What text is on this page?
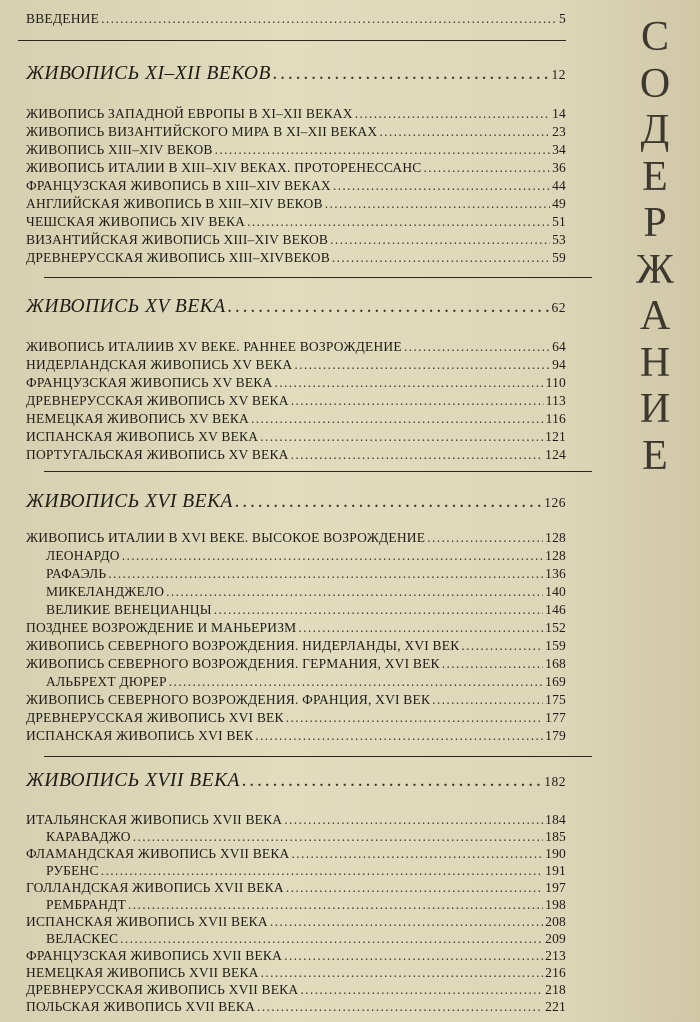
ВВЕДЕНИЕ . . .	5
ЖИВОПИСЬ XI–XII ВЕКОВ . . .	12
ЖИВОПИСЬ ЗАПАДНОЙ ЕВРОПЫ В XI–XII ВЕКАХ . . .	14
ЖИВОПИСЬ ВИЗАНТИЙСКОГО МИРА В XI–XII ВЕКАХ . . .	23
ЖИВОПИСЬ XIII–XIV ВЕКОВ . . .	34
ЖИВОПИСЬ ИТАЛИИ В XIII–XIV ВЕКАХ. ПРОТОРЕНЕССАНС . . .	36
ФРАНЦУЗСКАЯ ЖИВОПИСЬ В XIII–XIV ВЕКАХ . . .	44
АНГЛИЙСКАЯ ЖИВОПИСЬ В XIII–XIV ВЕКОВ . . .	49
ЧЕШСКАЯ ЖИВОПИСЬ XIV ВЕКА . . .	51
ВИЗАНТИЙСКАЯ ЖИВОПИСЬ XIII–XIV ВЕКОВ . . .	53
ДРЕВНЕРУССКАЯ ЖИВОПИСЬ XIII–XIVВЕКОВ . . .	59
ЖИВОПИСЬ XV ВЕКА . . .	62
ЖИВОПИСЬ ИТАЛИИВ XV ВЕКЕ. РАННЕЕ ВОЗРОЖДЕНИЕ . . .	64
НИДЕРЛАНДСКАЯ ЖИВОПИСЬ XV ВЕКА . . .	94
ФРАНЦУЗСКАЯ ЖИВОПИСЬ XV ВЕКА . . .	110
ДРЕВНЕРУССКАЯ ЖИВОПИСЬ XV ВЕКА . . .	113
НЕМЕЦКАЯ ЖИВОПИСЬ XV ВЕКА . . .	116
ИСПАНСКАЯ ЖИВОПИСЬ XV ВЕКА . . .	121
ПОРТУГАЛЬСКАЯ ЖИВОПИСЬ XV ВЕКА . . .	124
ЖИВОПИСЬ XVI ВЕКА . . .	126
ЖИВОПИСЬ ИТАЛИИ В XVI ВЕКЕ. ВЫСОКОЕ ВОЗРОЖДЕНИЕ . . .	128
ЛЕОНАРДО . . .	128
РАФАЭЛЬ . . .	136
МИКЕЛАНДЖЕЛО . . .	140
ВЕЛИКИЕ ВЕНЕЦИАНЦЫ . . .	146
ПОЗДНЕЕ ВОЗРОЖДЕНИЕ И МАНЬЕРИЗМ . . .	152
ЖИВОПИСЬ СЕВЕРНОГО ВОЗРОЖДЕНИЯ. НИДЕРЛАНДЫ, XVI ВЕК . . .	159
ЖИВОПИСЬ СЕВЕРНОГО ВОЗРОЖДЕНИЯ. ГЕРМАНИЯ, XVI ВЕК . . .	168
АЛЬБРЕХТ ДЮРЕР . . .	169
ЖИВОПИСЬ СЕВЕРНОГО ВОЗРОЖДЕНИЯ. ФРАНЦИЯ, XVI ВЕК . . .	175
ДРЕВНЕРУССКАЯ ЖИВОПИСЬ XVI ВЕК . . .	177
ИСПАНСКАЯ ЖИВОПИСЬ XVI ВЕК . . .	179
ЖИВОПИСЬ XVII ВЕКА . . .	182
ИТАЛЬЯНСКАЯ ЖИВОПИСЬ XVII ВЕКА . . .	184
КАРАВАДЖО . . .	185
ФЛАМАНДСКАЯ ЖИВОПИСЬ XVII ВЕКА . . .	190
РУБЕНС . . .	191
ГОЛЛАНДСКАЯ ЖИВОПИСЬ XVII ВЕКА . . .	197
РЕМБРАНДТ . . .	198
ИСПАНСКАЯ ЖИВОПИСЬ XVII ВЕКА . . .	208
ВЕЛАСКЕС . . .	209
ФРАНЦУЗСКАЯ ЖИВОПИСЬ XVII ВЕКА . . .	213
НЕМЕЦКАЯ ЖИВОПИСЬ XVII ВЕКА . . .	216
ДРЕВНЕРУССКАЯ ЖИВОПИСЬ XVII ВЕКА . . .	218
ПОЛЬСКАЯ ЖИВОПИСЬ XVII ВЕКА . . .	221
С
О
Д
Е
Р
Ж
А
Н
И
Е
